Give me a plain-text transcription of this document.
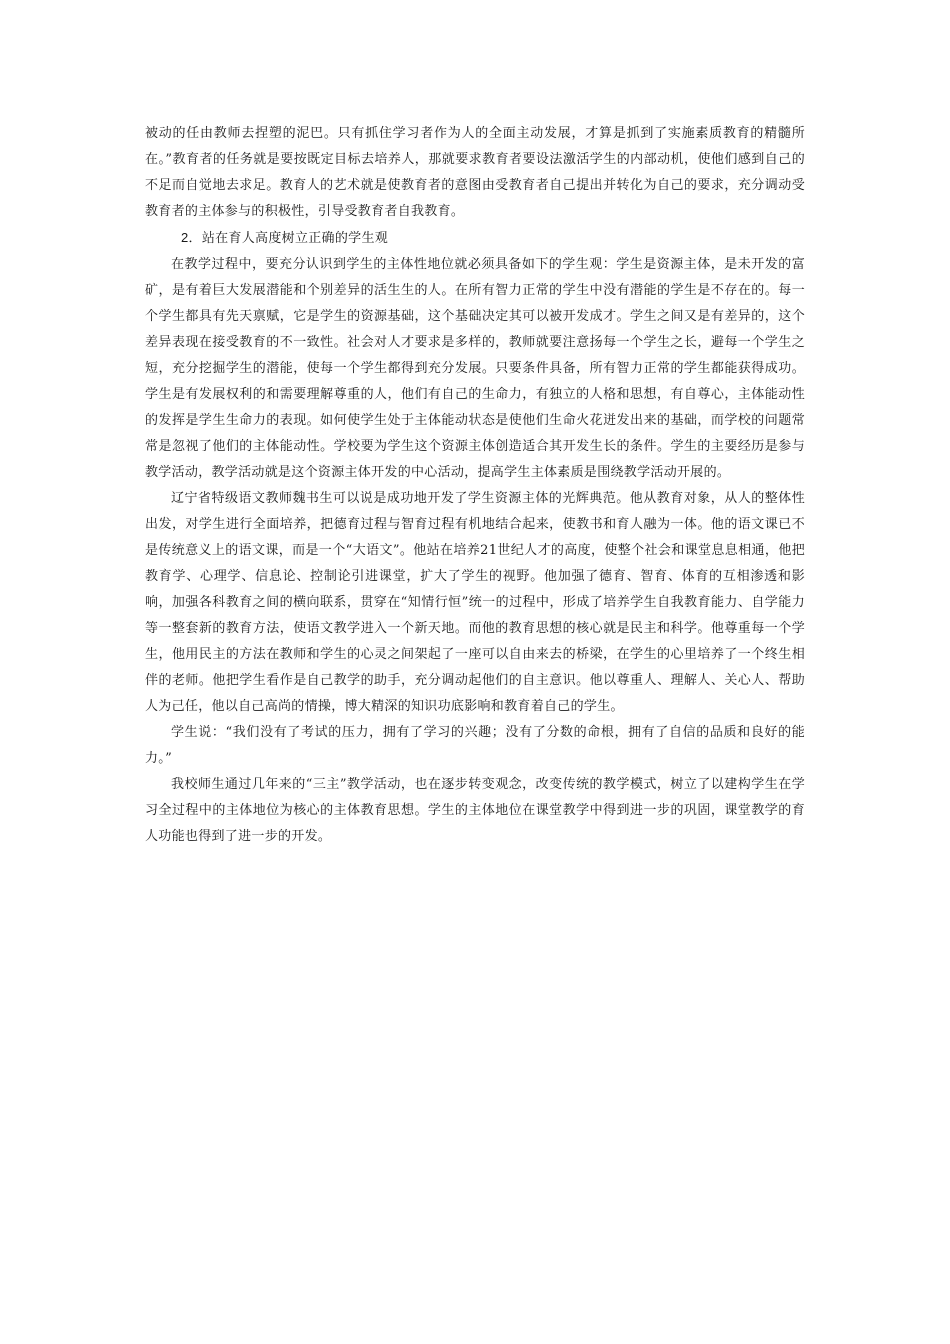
被动的任由教师去捏塑的泥巴。只有抓住学习者作为人的全面主动发展，才算是抓到了实施素质教育的精髓所在。”教育者的任务就是要按既定目标去培养人，那就要求教育者要设法激活学生的内部动机，使他们感到自己的不足而自觉地去求足。教育人的艺术就是使教育者的意图由受教育者自己提出并转化为自己的要求，充分调动受教育者的主体参与的积极性，引导受教育者自我教育。

2．站在育人高度树立正确的学生观

在教学过程中，要充分认识到学生的主体性地位就必须具备如下的学生观：学生是资源主体，是未开发的富矿，是有着巨大发展潜能和个别差异的活生生的人。在所有智力正常的学生中没有潜能的学生是不存在的。每一个学生都具有先天禀赋，它是学生的资源基础，这个基础决定其可以被开发成才。学生之间又是有差异的，这个差异表现在接受教育的不一致性。社会对人才要求是多样的，教师就要注意扬每一个学生之长，避每一个学生之短，充分挖掘学生的潜能，使每一个学生都得到充分发展。只要条件具备，所有智力正常的学生都能获得成功。学生是有发展权利的和需要理解尊重的人，他们有自己的生命力，有独立的人格和思想，有自尊心，主体能动性的发挥是学生生命力的表现。如何使学生处于主体能动状态是使他们生命火花迸发出来的基础，而学校的问题常常是忽视了他们的主体能动性。学校要为学生这个资源主体创造适合其开发生长的条件。学生的主要经历是参与教学活动，教学活动就是这个资源主体开发的中心活动，提高学生主体素质是围绕教学活动开展的。

辽宁省特级语文教师魏书生可以说是成功地开发了学生资源主体的光辉典范。他从教育对象，从人的整体性出发，对学生进行全面培养，把德育过程与智育过程有机地结合起来，使教书和育人融为一体。他的语文课已不是传统意义上的语文课，而是一个“大语文”。他站在培养21世纪人才的高度，使整个社会和课堂息息相通，他把教育学、心理学、信息论、控制论引进课堂，扩大了学生的视野。他加强了德育、智育、体育的互相渗透和影响，加强各科教育之间的横向联系，贯穿在“知情行恒”统一的过程中，形成了培养学生自我教育能力、自学能力等一整套新的教育方法，使语文教学进入一个新天地。而他的教育思想的核心就是民主和科学。他尊重每一个学生，他用民主的方法在教师和学生的心灵之间架起了一座可以自由来去的桥梁，在学生的心里培养了一个终生相伴的老师。他把学生看作是自己教学的助手，充分调动起他们的自主意识。他以尊重人、理解人、关心人、帮助人为己任，他以自己高尚的情操，博大精深的知识功底影响和教育着自己的学生。

学生说：“我们没有了考试的压力，拥有了学习的兴趣；没有了分数的命根，拥有了自信的品质和良好的能力。”

我校师生通过几年来的“三主”教学活动，也在逐步转变观念，改变传统的教学模式，树立了以建构学生在学习全过程中的主体地位为核心的主体教育思想。学生的主体地位在课堂教学中得到进一步的巩固，课堂教学的育人功能也得到了进一步的开发。
